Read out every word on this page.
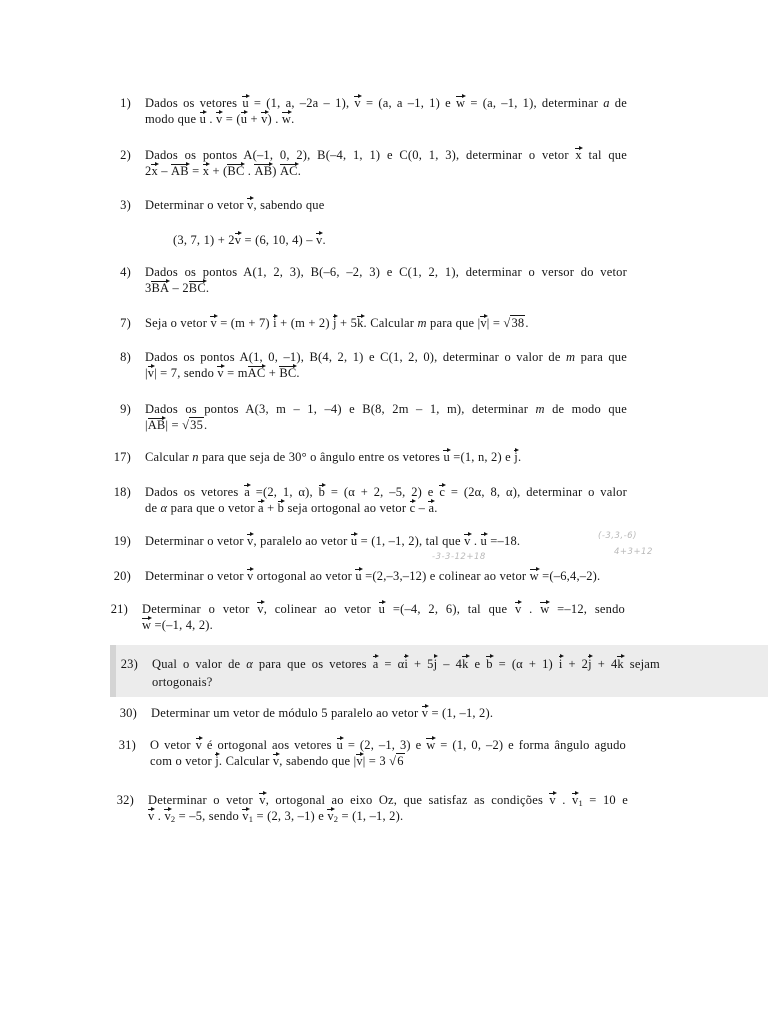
1) Dados os vetores u = (1, a, –2a – 1), v = (a, a –1, 1) e w = (a, –1, 1), determinar a de
modo que u . v = (u + v) . w.
2) Dados os pontos A(–1, 0, 2), B(–4, 1, 1) e C(0, 1, 3), determinar o vetor x tal que
2x – AB = x + (BC . AB) AC.
3) Determinar o vetor v, sabendo que
(3, 7, 1) + 2v = (6, 10, 4) – v.
4) Dados os pontos A(1, 2, 3), B(–6, –2, 3) e C(1, 2, 1), determinar o versor do vetor
3BA – 2BC.
7) Seja o vetor v = (m + 7) i + (m + 2) j + 5k. Calcular m para que |v| = √ 38.
8) Dados os pontos A(1, 0, –1), B(4, 2, 1) e C(1, 2, 0), determinar o valor de m para que
|v| = 7, sendo v = mAC + BC.
9) Dados os pontos A(3, m – 1, –4) e B(8, 2m – 1, m), determinar m de modo que
|AB| = √ 35.
17) Calcular n para que seja de 30° o ângulo entre os vetores u =(1, n, 2) e j.
18) Dados os vetores a =(2, 1, α), b = (α + 2, –5, 2) e c = (2α, 8, α), determinar o valor
de α para que o vetor a + b seja ortogonal ao vetor c – a.
19) Determinar o vetor v, paralelo ao vetor u = (1, –1, 2), tal que v . u =–18.
20) Determinar o vetor v ortogonal ao vetor u =(2,–3,–12) e colinear ao vetor w =(–6,4,–2).
21) Determinar o vetor v, colinear ao vetor u =(–4, 2, 6), tal que v . w =–12, sendo
w =(–1, 4, 2).
23) Qual o valor de α para que os vetores a = αi + 5j – 4k e b = (α + 1) i + 2j + 4k sejam
ortogonais?
30) Determinar um vetor de módulo 5 paralelo ao vetor v = (1, –1, 2).
31) O vetor v é ortogonal aos vetores u = (2, –1, 3) e w = (1, 0, –2) e forma ângulo agudo
com o vetor j. Calcular v, sabendo que |v| = 3 √ 6
32) Determinar o vetor v, ortogonal ao eixo Oz, que satisfaz as condições v . $v_1 = 10$ e
v . $v_2 = -5$, sendo $v_1 = (2$, 3, –1) e $v_2 = (1$, –1, 2).
(-3,3,-6)
-3-3-12+18	4+3+12
